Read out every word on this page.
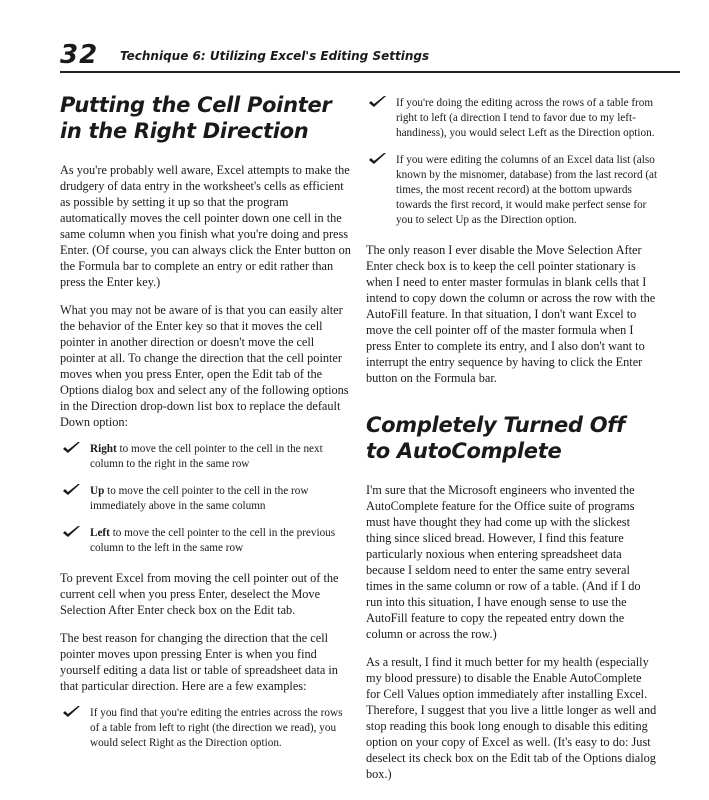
32 Technique 6: Utilizing Excel's Editing Settings
Putting the Cell Pointer
in the Right Direction

As you're probably well aware, Excel attempts to make the drudgery of data entry in the worksheet's cells as efficient as possible by setting it up so that the program automatically moves the cell pointer down one cell in the same column when you finish what you're doing and press Enter. (Of course, you can always click the Enter button on the Formula bar to complete an entry or edit rather than press the Enter key.)

What you may not be aware of is that you can easily alter the behavior of the Enter key so that it moves the cell pointer in another direction or doesn't move the cell pointer at all. To change the direction that the cell pointer moves when you press Enter, open the Edit tab of the Options dialog box and select any of the following options in the Direction drop-down list box to replace the default Down option:

Right to move the cell pointer to the cell in the next column to the right in the same row
Up to move the cell pointer to the cell in the row immediately above in the same column
Left to move the cell pointer to the cell in the previous column to the left in the same row

To prevent Excel from moving the cell pointer out of the current cell when you press Enter, deselect the Move Selection After Enter check box on the Edit tab.

The best reason for changing the direction that the cell pointer moves upon pressing Enter is when you find yourself editing a data list or table of spreadsheet data in that particular direction. Here are a few examples:

If you find that you're editing the entries across the rows of a table from left to right (the direction we read), you would select Right as the Direction option.
If you're doing the editing across the rows of a table from right to left (a direction I tend to favor due to my left-handiness), you would select Left as the Direction option.
If you were editing the columns of an Excel data list (also known by the misnomer, database) from the last record (at times, the most recent record) at the bottom upwards towards the first record, it would make perfect sense for you to select Up as the Direction option.

The only reason I ever disable the Move Selection After Enter check box is to keep the cell pointer stationary is when I need to enter master formulas in blank cells that I intend to copy down the column or across the row with the AutoFill feature. In that situation, I don't want Excel to move the cell pointer off of the master formula when I press Enter to complete its entry, and I also don't want to interrupt the entry sequence by having to click the Enter button on the Formula bar.

Completely Turned Off
to AutoComplete

I'm sure that the Microsoft engineers who invented the AutoComplete feature for the Office suite of programs must have thought they had come up with the slickest thing since sliced bread. However, I find this feature particularly noxious when entering spreadsheet data because I seldom need to enter the same entry several times in the same column or row of a table. (And if I do run into this situation, I have enough sense to use the AutoFill feature to copy the repeated entry down the column or across the row.)

As a result, I find it much better for my health (especially my blood pressure) to disable the Enable AutoComplete for Cell Values option immediately after installing Excel. Therefore, I suggest that you live a little longer as well and stop reading this book long enough to disable this editing option on your copy of Excel as well. (It's easy to do: Just deselect its check box on the Edit tab of the Options dialog box.)
